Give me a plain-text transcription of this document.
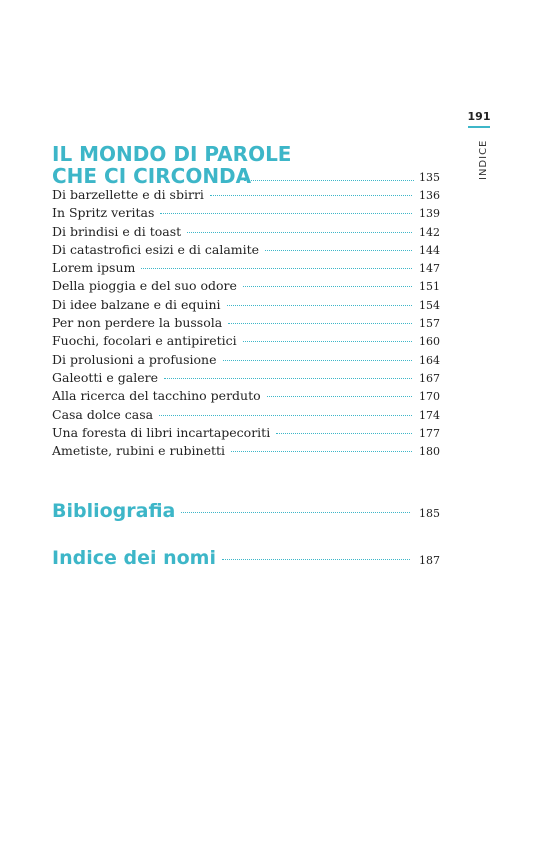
191
INDICE
IL MONDO DI PAROLE
CHE CI CIRCONDA	135
Di barzellette e di sbirri	136
In Spritz veritas	139
Di brindisi e di toast	142
Di catastrofici esizi e di calamite	144
Lorem ipsum	147
Della pioggia e del suo odore	151
Di idee balzane e di equini	154
Per non perdere la bussola	157
Fuochi, focolari e antipiretici	160
Di prolusioni a profusione	164
Galeotti e galere	167
Alla ricerca del tacchino perduto	170
Casa dolce casa	174
Una foresta di libri incartapecoriti	177
Ametiste, rubini e rubinetti	180
Bibliografia	185
Indice dei nomi	187
